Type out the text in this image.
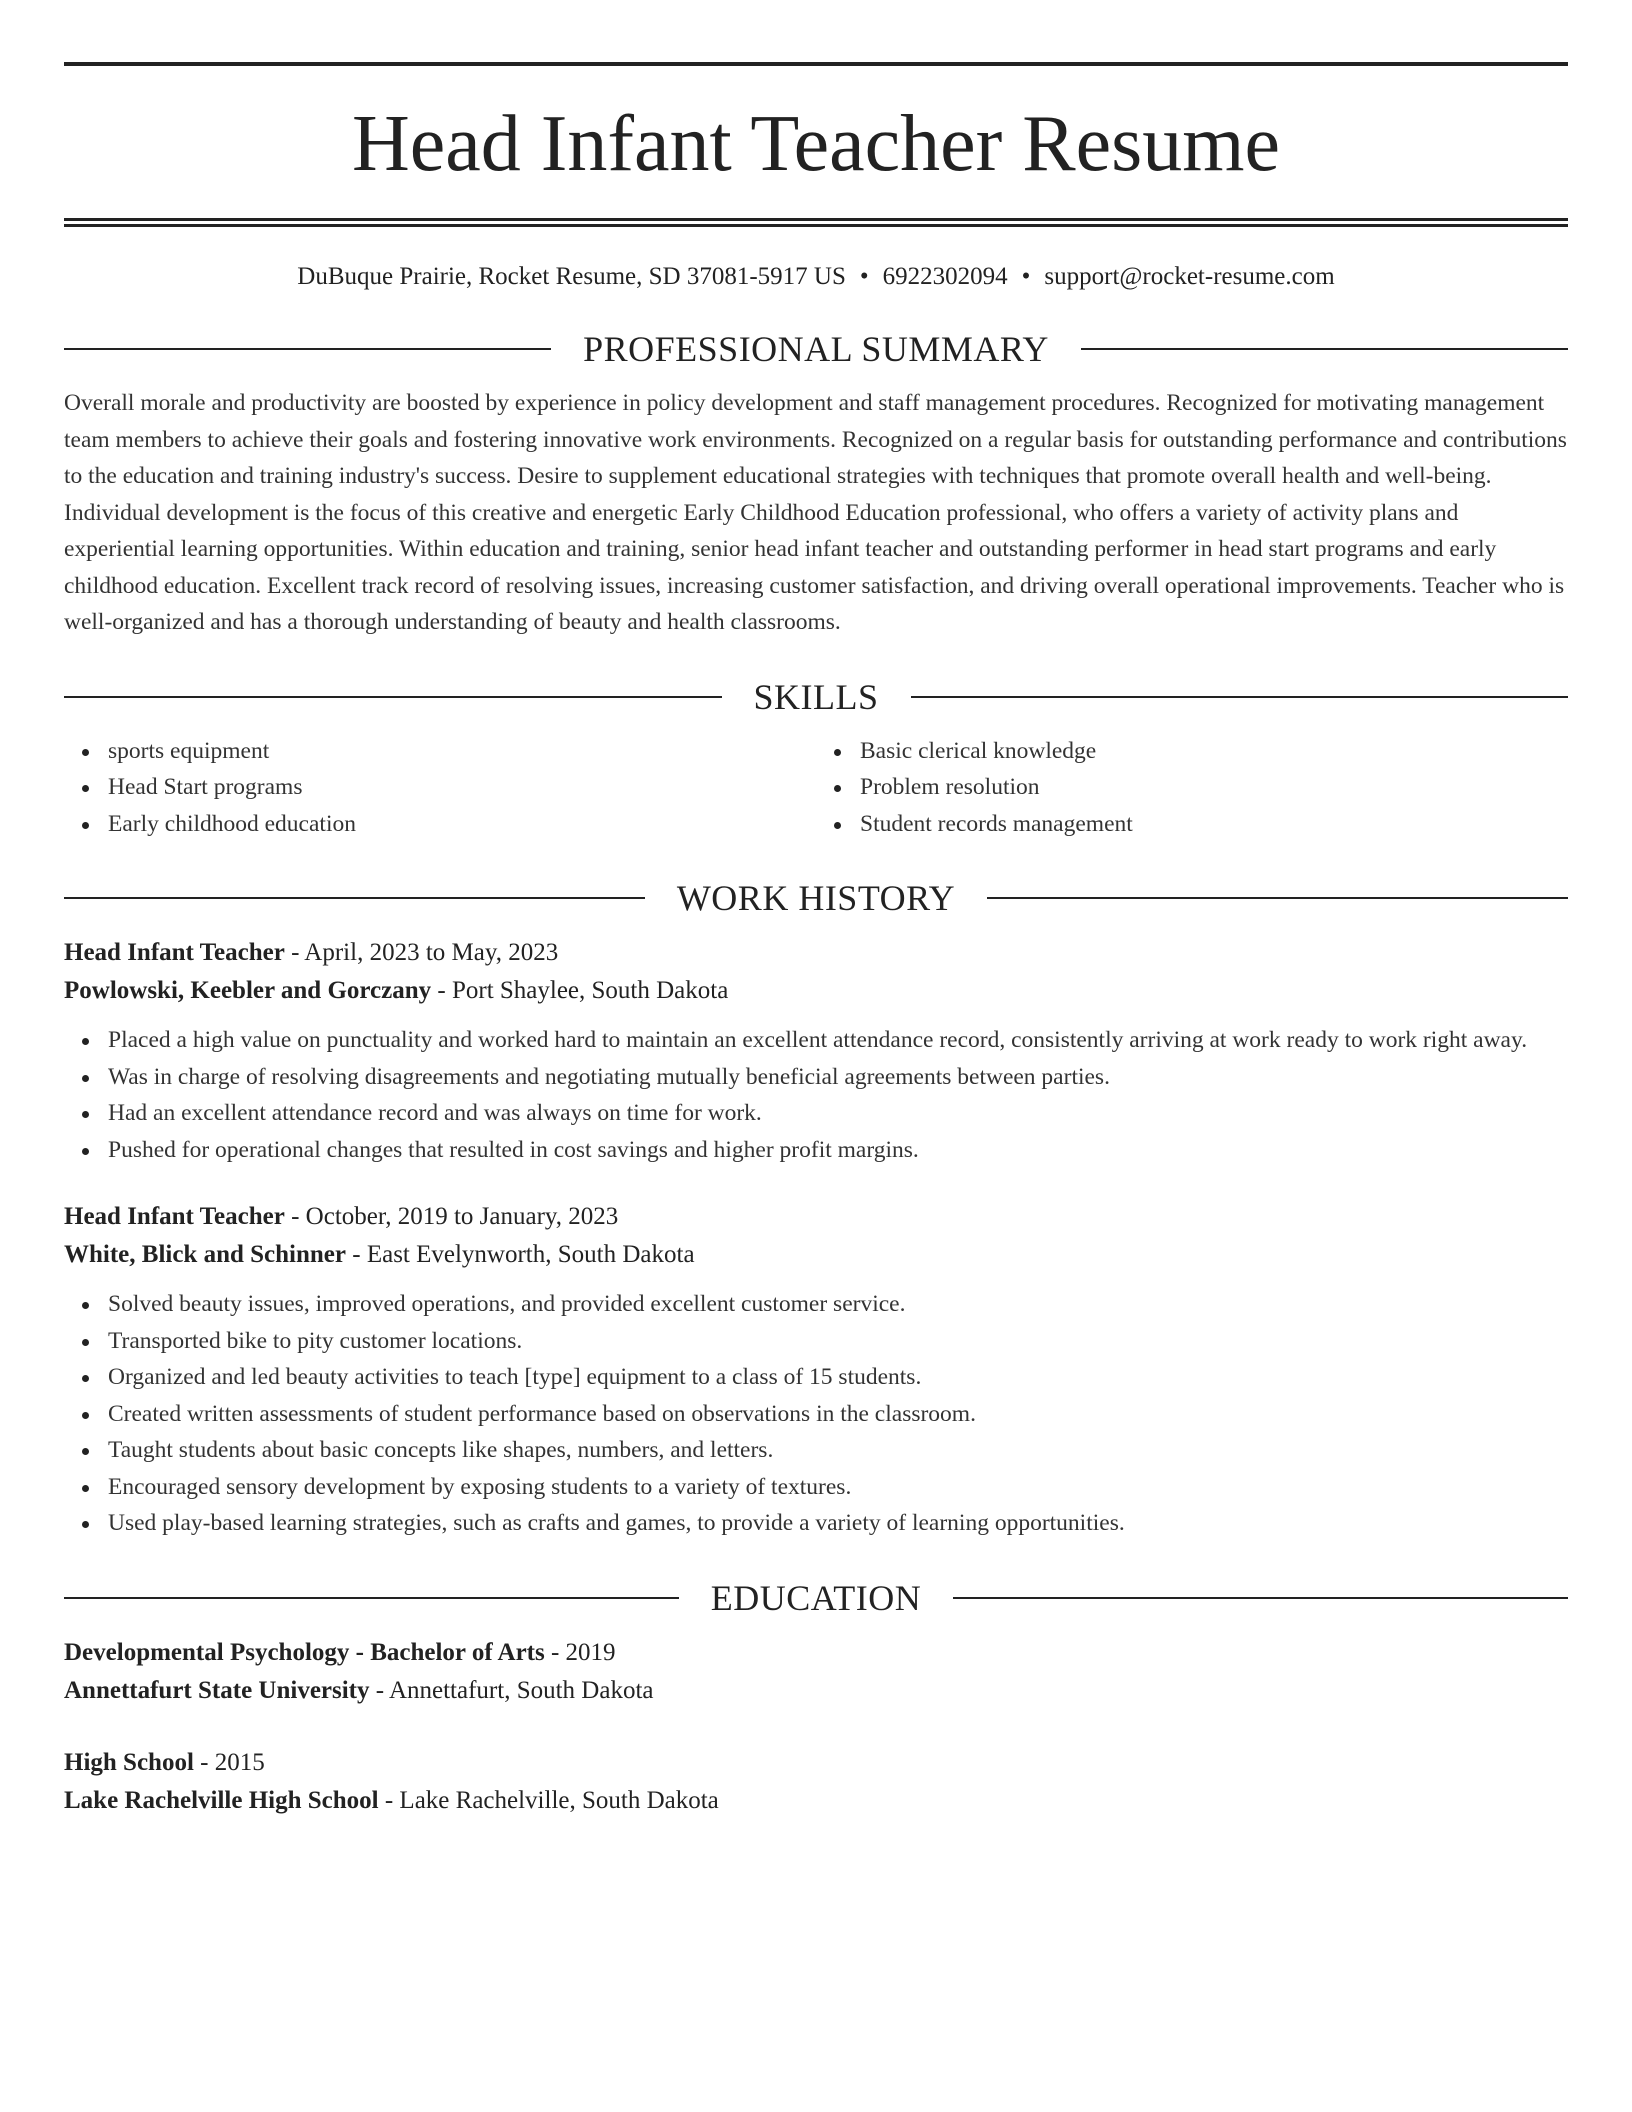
Head Infant Teacher Resume
DuBuque Prairie, Rocket Resume, SD 37081-5917 US • 6922302094 • support@rocket-resume.com
PROFESSIONAL SUMMARY
Overall morale and productivity are boosted by experience in policy development and staff management procedures. Recognized for motivating management team members to achieve their goals and fostering innovative work environments. Recognized on a regular basis for outstanding performance and contributions to the education and training industry's success. Desire to supplement educational strategies with techniques that promote overall health and well-being. Individual development is the focus of this creative and energetic Early Childhood Education professional, who offers a variety of activity plans and experiential learning opportunities. Within education and training, senior head infant teacher and outstanding performer in head start programs and early childhood education. Excellent track record of resolving issues, increasing customer satisfaction, and driving overall operational improvements. Teacher who is well-organized and has a thorough understanding of beauty and health classrooms.
SKILLS
sports equipment
Head Start programs
Early childhood education
Basic clerical knowledge
Problem resolution
Student records management
WORK HISTORY
Head Infant Teacher - April, 2023 to May, 2023
Powlowski, Keebler and Gorczany - Port Shaylee, South Dakota
Placed a high value on punctuality and worked hard to maintain an excellent attendance record, consistently arriving at work ready to work right away.
Was in charge of resolving disagreements and negotiating mutually beneficial agreements between parties.
Had an excellent attendance record and was always on time for work.
Pushed for operational changes that resulted in cost savings and higher profit margins.
Head Infant Teacher - October, 2019 to January, 2023
White, Blick and Schinner - East Evelynworth, South Dakota
Solved beauty issues, improved operations, and provided excellent customer service.
Transported bike to pity customer locations.
Organized and led beauty activities to teach [type] equipment to a class of 15 students.
Created written assessments of student performance based on observations in the classroom.
Taught students about basic concepts like shapes, numbers, and letters.
Encouraged sensory development by exposing students to a variety of textures.
Used play-based learning strategies, such as crafts and games, to provide a variety of learning opportunities.
EDUCATION
Developmental Psychology - Bachelor of Arts - 2019
Annettafurt State University - Annettafurt, South Dakota
High School - 2015
Lake Rachelville High School - Lake Rachelville, South Dakota
